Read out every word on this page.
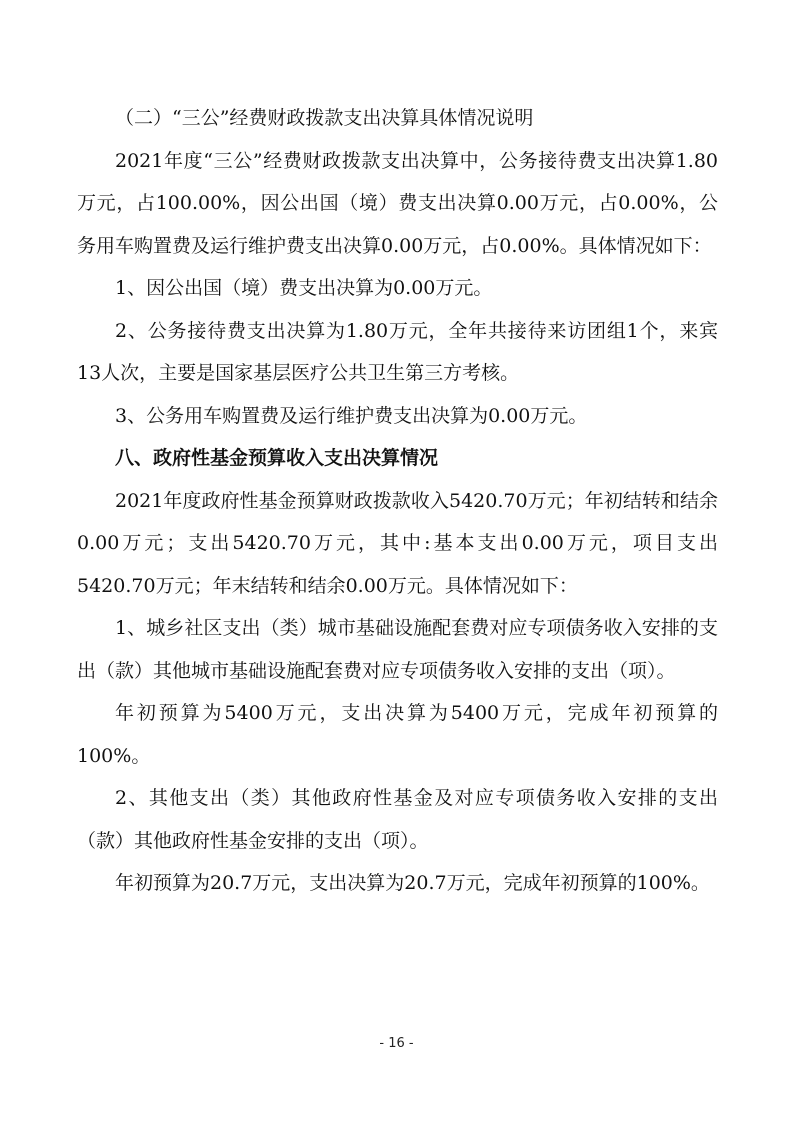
（二）“三公”经费财政拨款支出决算具体情况说明

2021年度“三公”经费财政拨款支出决算中，公务接待费支出决算1.80万元，占100.00%，因公出国（境）费支出决算0.00万元，占0.00%，公务用车购置费及运行维护费支出决算0.00万元，占0.00%。具体情况如下：

1、因公出国（境）费支出决算为0.00万元。

2、公务接待费支出决算为1.80万元，全年共接待来访团组1个，来宾13人次，主要是国家基层医疗公共卫生第三方考核。

3、公务用车购置费及运行维护费支出决算为0.00万元。

八、政府性基金预算收入支出决算情况

2021年度政府性基金预算财政拨款收入5420.70万元；年初结转和结余0.00万元；支出5420.70万元，其中:基本支出0.00万元，项目支出5420.70万元；年末结转和结余0.00万元。具体情况如下：

1、城乡社区支出（类）城市基础设施配套费对应专项债务收入安排的支出（款）其他城市基础设施配套费对应专项债务收入安排的支出（项）。

年初预算为5400万元，支出决算为5400万元，完成年初预算的100%。

2、其他支出（类）其他政府性基金及对应专项债务收入安排的支出（款）其他政府性基金安排的支出（项）。

年初预算为20.7万元，支出决算为20.7万元，完成年初预算的100%。

- 16 -
